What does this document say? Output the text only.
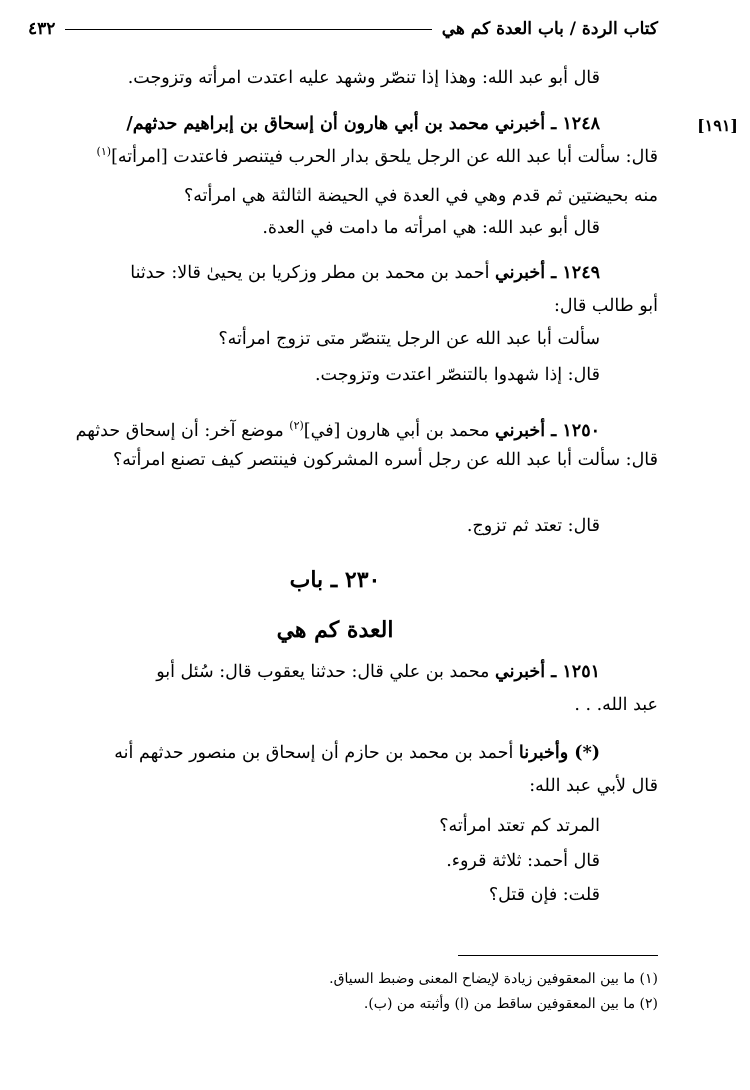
كتاب الردة / باب العدة كم هي
٤٣٢
[١٩١]
قال أبو عبد الله: وهذا إذا تنصّر وشهد عليه اعتدت امرأته وتزوجت.
١٢٤٨ ـ أخبرني محمد بن أبي هارون أن إسحاق بن إبراهيم حدثهم/
قال: سألت أبا عبد الله عن الرجل يلحق بدار الحرب فيتنصر فاعتدت [امرأته]$^{(١)}$
منه بحيضتين ثم قدم وهي في العدة في الحيضة الثالثة هي امرأته؟
قال أبو عبد الله: هي امرأته ما دامت في العدة.
١٢٤٩ ـ أخبرني أحمد بن محمد بن مطر وزكريا بن يحيىٰ قالا: حدثنا
أبو طالب قال:
سألت أبا عبد الله عن الرجل يتنصّر متى تزوج امرأته؟
قال: إذا شهدوا بالتنصّر اعتدت وتزوجت.
١٢٥٠ ـ أخبرني محمد بن أبي هارون [في]$^{(٢)}$ موضع آخر: أن إسحاق حدثهم
قال: سألت أبا عبد الله عن رجل أسره المشركون فينتصر كيف تصنع امرأته؟
قال: تعتد ثم تزوج.
٢٣٠ ـ باب
العدة كم هي
١٢٥١ ـ أخبرني محمد بن علي قال: حدثنا يعقوب قال: سُئل أبو
عبد الله. . .
(*) وأخبرنا أحمد بن محمد بن حازم أن إسحاق بن منصور حدثهم أنه
قال لأبي عبد الله:
المرتد كم تعتد امرأته؟
قال أحمد: ثلاثة قروء.
قلت: فإن قتل؟
(١) ما بين المعقوفين زيادة لإيضاح المعنى وضبط السياق.
(٢) ما بين المعقوفين ساقط من (ا) وأثبته من (ب).
